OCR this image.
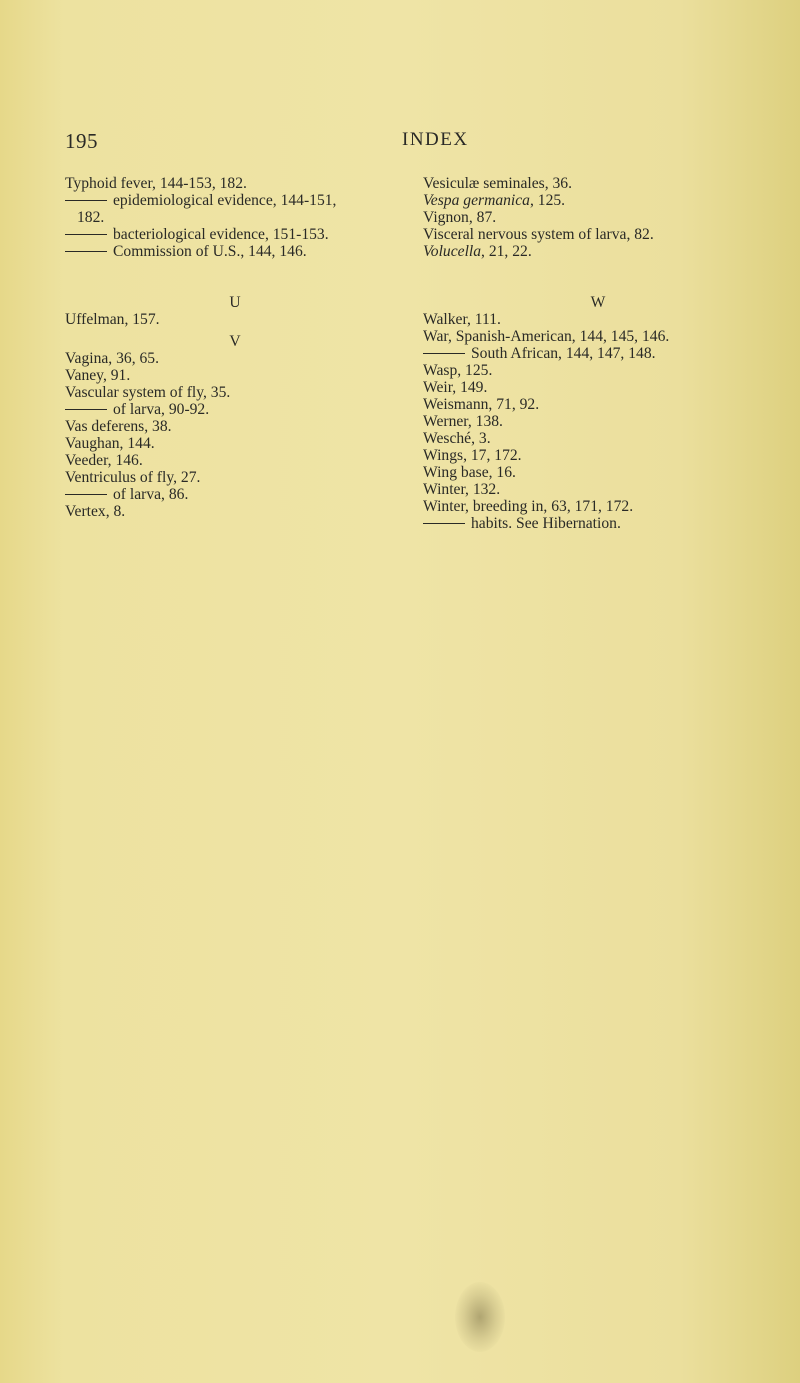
195	INDEX
Typhoid fever, 144-153, 182.
epidemiological evidence, 144-151,
182.
bacteriological evidence, 151-153.
Commission of U.S., 144, 146.
U
Uffelman, 157.
V
Vagina, 36, 65.
Vaney, 91.
Vascular system of fly, 35.
of larva, 90-92.
Vas deferens, 38.
Vaughan, 144.
Veeder, 146.
Ventriculus of fly, 27.
of larva, 86.
Vertex, 8.
Vesiculæ seminales, 36.
Vespa germanica, 125.
Vignon, 87.
Visceral nervous system of larva, 82.
Volucella, 21, 22.
W
Walker, 111.
War, Spanish-American, 144, 145, 146.
South African, 144, 147, 148.
Wasp, 125.
Weir, 149.
Weismann, 71, 92.
Werner, 138.
Wesché, 3.
Wings, 17, 172.
Wing base, 16.
Winter, 132.
Winter, breeding in, 63, 171, 172.
habits. See Hibernation.
